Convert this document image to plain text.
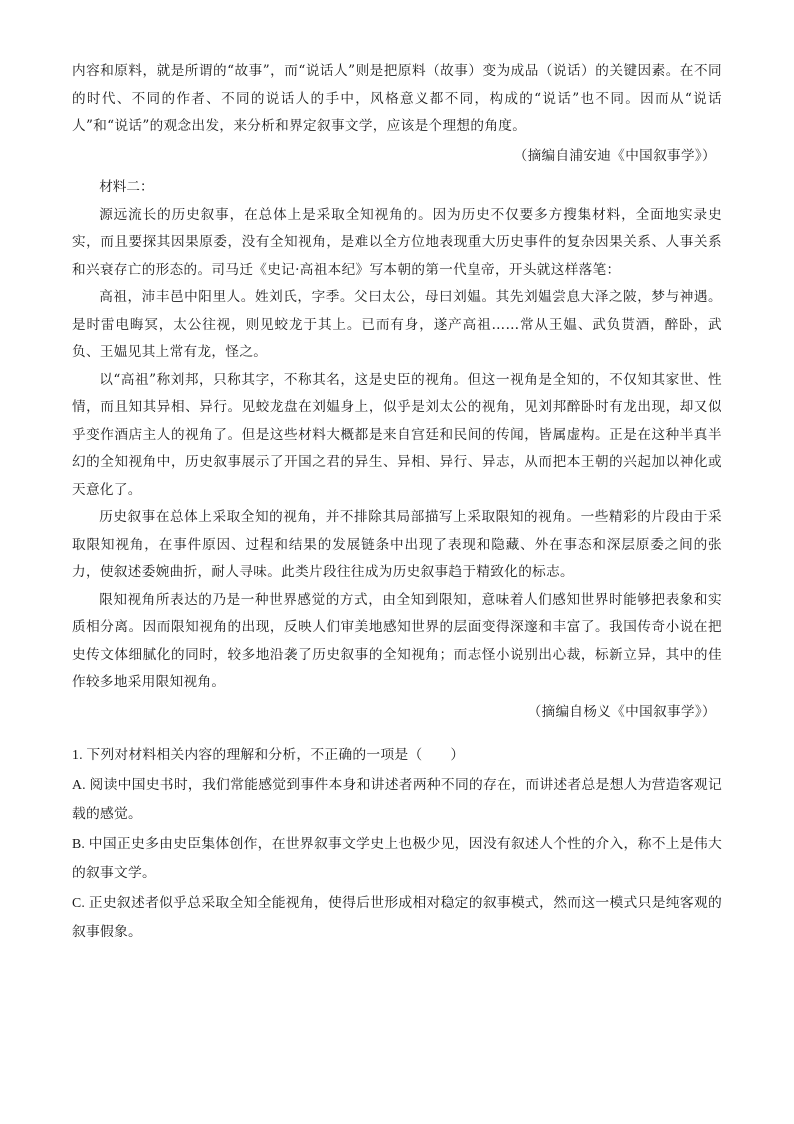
内容和原料，就是所谓的“故事”，而“说话人”则是把原料（故事）变为成品（说话）的关键因素。在不同的时代、不同的作者、不同的说话人的手中，风格意义都不同，构成的“说话”也不同。因而从“说话人”和“说话”的观念出发，来分析和界定叙事文学，应该是个理想的角度。

（摘编自浦安迪《中国叙事学》）

材料二：

源远流长的历史叙事，在总体上是采取全知视角的。因为历史不仅要多方搜集材料，全面地实录史实，而且要探其因果原委，没有全知视角，是难以全方位地表现重大历史事件的复杂因果关系、人事关系和兴衰存亡的形态的。司马迁《史记·高祖本纪》写本朝的第一代皇帝，开头就这样落笔：

高祖，沛丰邑中阳里人。姓刘氏，字季。父曰太公，母曰刘媪。其先刘媪尝息大泽之陂，梦与神遇。是时雷电晦冥，太公往视，则见蛟龙于其上。已而有身，遂产高祖……常从王媪、武负贳酒，醉卧，武负、王媪见其上常有龙，怪之。

以“高祖”称刘邦，只称其字，不称其名，这是史臣的视角。但这一视角是全知的，不仅知其家世、性情，而且知其异相、异行。见蛟龙盘在刘媪身上，似乎是刘太公的视角，见刘邦醉卧时有龙出现，却又似乎变作酒店主人的视角了。但是这些材料大概都是来自宫廷和民间的传闻，皆属虚构。正是在这种半真半幻的全知视角中，历史叙事展示了开国之君的异生、异相、异行、异志，从而把本王朝的兴起加以神化或天意化了。

历史叙事在总体上采取全知的视角，并不排除其局部描写上采取限知的视角。一些精彩的片段由于采取限知视角，在事件原因、过程和结果的发展链条中出现了表现和隐藏、外在事态和深层原委之间的张力，使叙述委婉曲折，耐人寻味。此类片段往往成为历史叙事趋于精致化的标志。

限知视角所表达的乃是一种世界感觉的方式，由全知到限知，意味着人们感知世界时能够把表象和实质相分离。因而限知视角的出现，反映人们审美地感知世界的层面变得深邃和丰富了。我国传奇小说在把史传文体细腻化的同时，较多地沿袭了历史叙事的全知视角；而志怪小说别出心裁，标新立异，其中的佳作较多地采用限知视角。

（摘编自杨义《中国叙事学》）

1. 下列对材料相关内容的理解和分析，不正确的一项是（　　）

A. 阅读中国史书时，我们常能感觉到事件本身和讲述者两种不同的存在，而讲述者总是想人为营造客观记载的感觉。

B. 中国正史多由史臣集体创作，在世界叙事文学史上也极少见，因没有叙述人个性的介入，称不上是伟大的叙事文学。

C. 正史叙述者似乎总采取全知全能视角，使得后世形成相对稳定的叙事模式，然而这一模式只是纯客观的叙事假象。
